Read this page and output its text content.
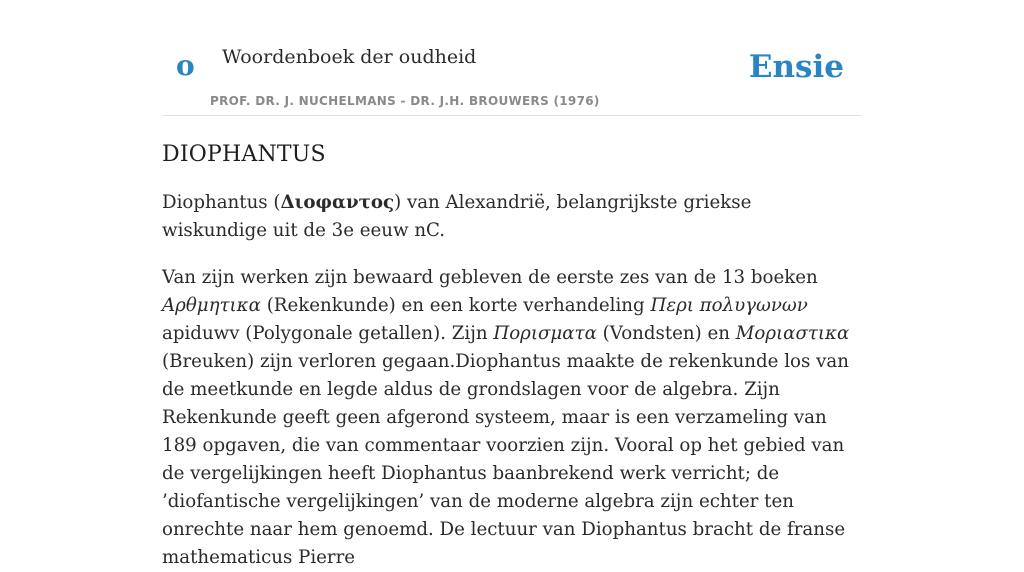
o Woordenboek der oudheid
PROF. DR. J. NUCHELMANS - DR. J.H. BROUWERS (1976)
Ensie
DIOPHANTUS

Diophantus (Διοφαντος) van Alexandrië, belangrijkste griekse wiskundige uit de 3e eeuw nC.

Van zijn werken zijn bewaard gebleven de eerste zes van de 13 boeken Αρθμητικα (Rekenkunde) en een korte verhandeling Περι πολυγωνων apiduwv (Polygonale getallen). Zijn Πορισματα (Vondsten) en Μοριαστικα (Breuken) zijn verloren gegaan.Diophantus maakte de rekenkunde los van de meetkunde en legde aldus de grondslagen voor de algebra. Zijn Rekenkunde geeft geen afgerond systeem, maar is een verzameling van 189 opgaven, die van commentaar voorzien zijn. Vooral op het gebied van de vergelijkingen heeft Diophantus baanbrekend werk verricht; de ’diofantische vergelijkingen’ van de moderne algebra zijn echter ten onrechte naar hem genoemd. De lectuur van Diophantus bracht de franse mathematicus Pierre
